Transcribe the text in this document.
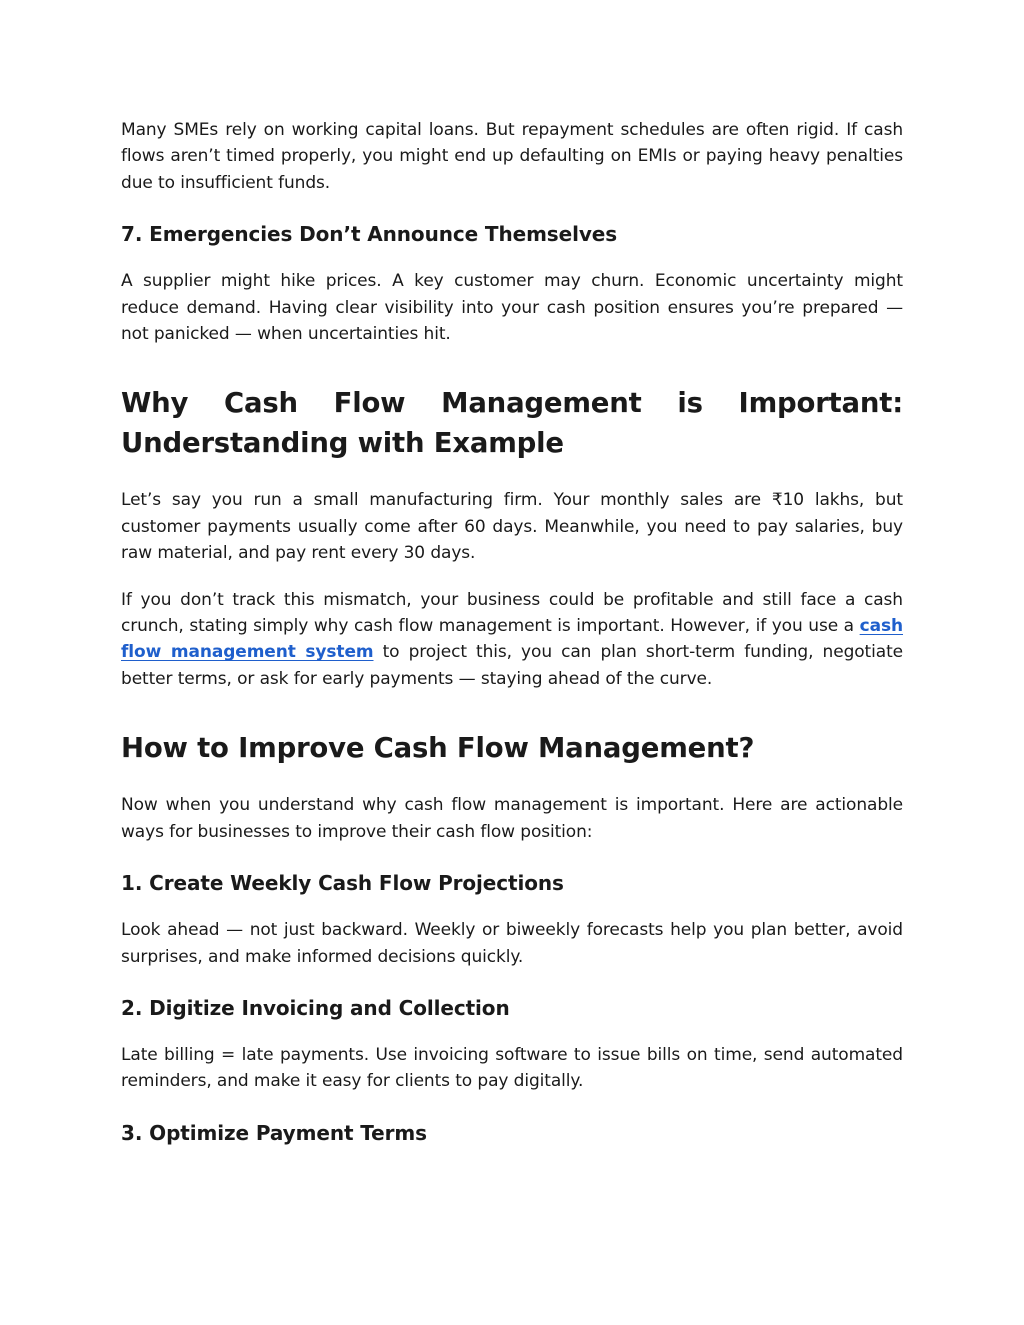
Many SMEs rely on working capital loans. But repayment schedules are often rigid. If cash flows aren’t timed properly, you might end up defaulting on EMIs or paying heavy penalties due to insufficient funds.

7. Emergencies Don’t Announce Themselves

A supplier might hike prices. A key customer may churn. Economic uncertainty might reduce demand. Having clear visibility into your cash position ensures you’re prepared — not panicked — when uncertainties hit.

Why Cash Flow Management is Important:
Understanding with Example

Let’s say you run a small manufacturing firm. Your monthly sales are ₹10 lakhs, but customer payments usually come after 60 days. Meanwhile, you need to pay salaries, buy raw material, and pay rent every 30 days.

If you don’t track this mismatch, your business could be profitable and still face a cash crunch, stating simply why cash flow management is important. However, if you use a cash flow management system to project this, you can plan short-term funding, negotiate better terms, or ask for early payments — staying ahead of the curve.

How to Improve Cash Flow Management?

Now when you understand why cash flow management is important. Here are actionable ways for businesses to improve their cash flow position:

1. Create Weekly Cash Flow Projections

Look ahead — not just backward. Weekly or biweekly forecasts help you plan better, avoid surprises, and make informed decisions quickly.

2. Digitize Invoicing and Collection

Late billing = late payments. Use invoicing software to issue bills on time, send automated reminders, and make it easy for clients to pay digitally.

3. Optimize Payment Terms
